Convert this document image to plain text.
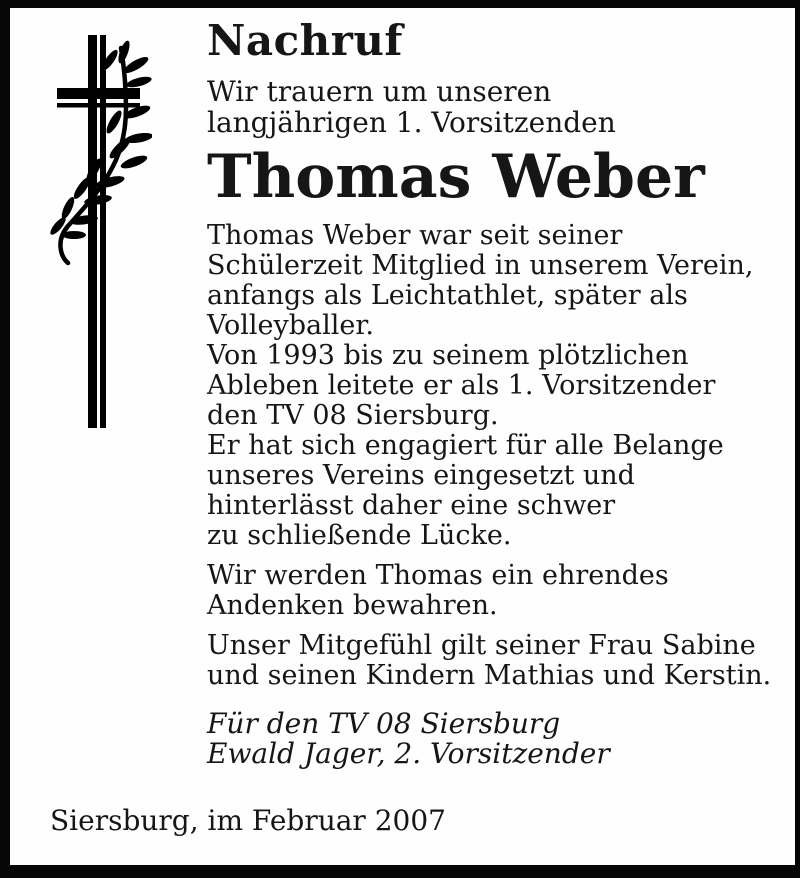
Nachruf

Wir trauern um unseren
langjährigen 1. Vorsitzenden

Thomas Weber

Thomas Weber war seit seiner
Schülerzeit Mitglied in unserem Verein,
anfangs als Leichtathlet, später als
Volleyballer.
Von 1993 bis zu seinem plötzlichen
Ableben leitete er als 1. Vorsitzender
den TV 08 Siersburg.
Er hat sich engagiert für alle Belange
unseres Vereins eingesetzt und
hinterlässt daher eine schwer
zu schließende Lücke.

Wir werden Thomas ein ehrendes
Andenken bewahren.

Unser Mitgefühl gilt seiner Frau Sabine
und seinen Kindern Mathias und Kerstin.

Für den TV 08 Siersburg
Ewald Jager, 2. Vorsitzender

Siersburg, im Februar 2007
